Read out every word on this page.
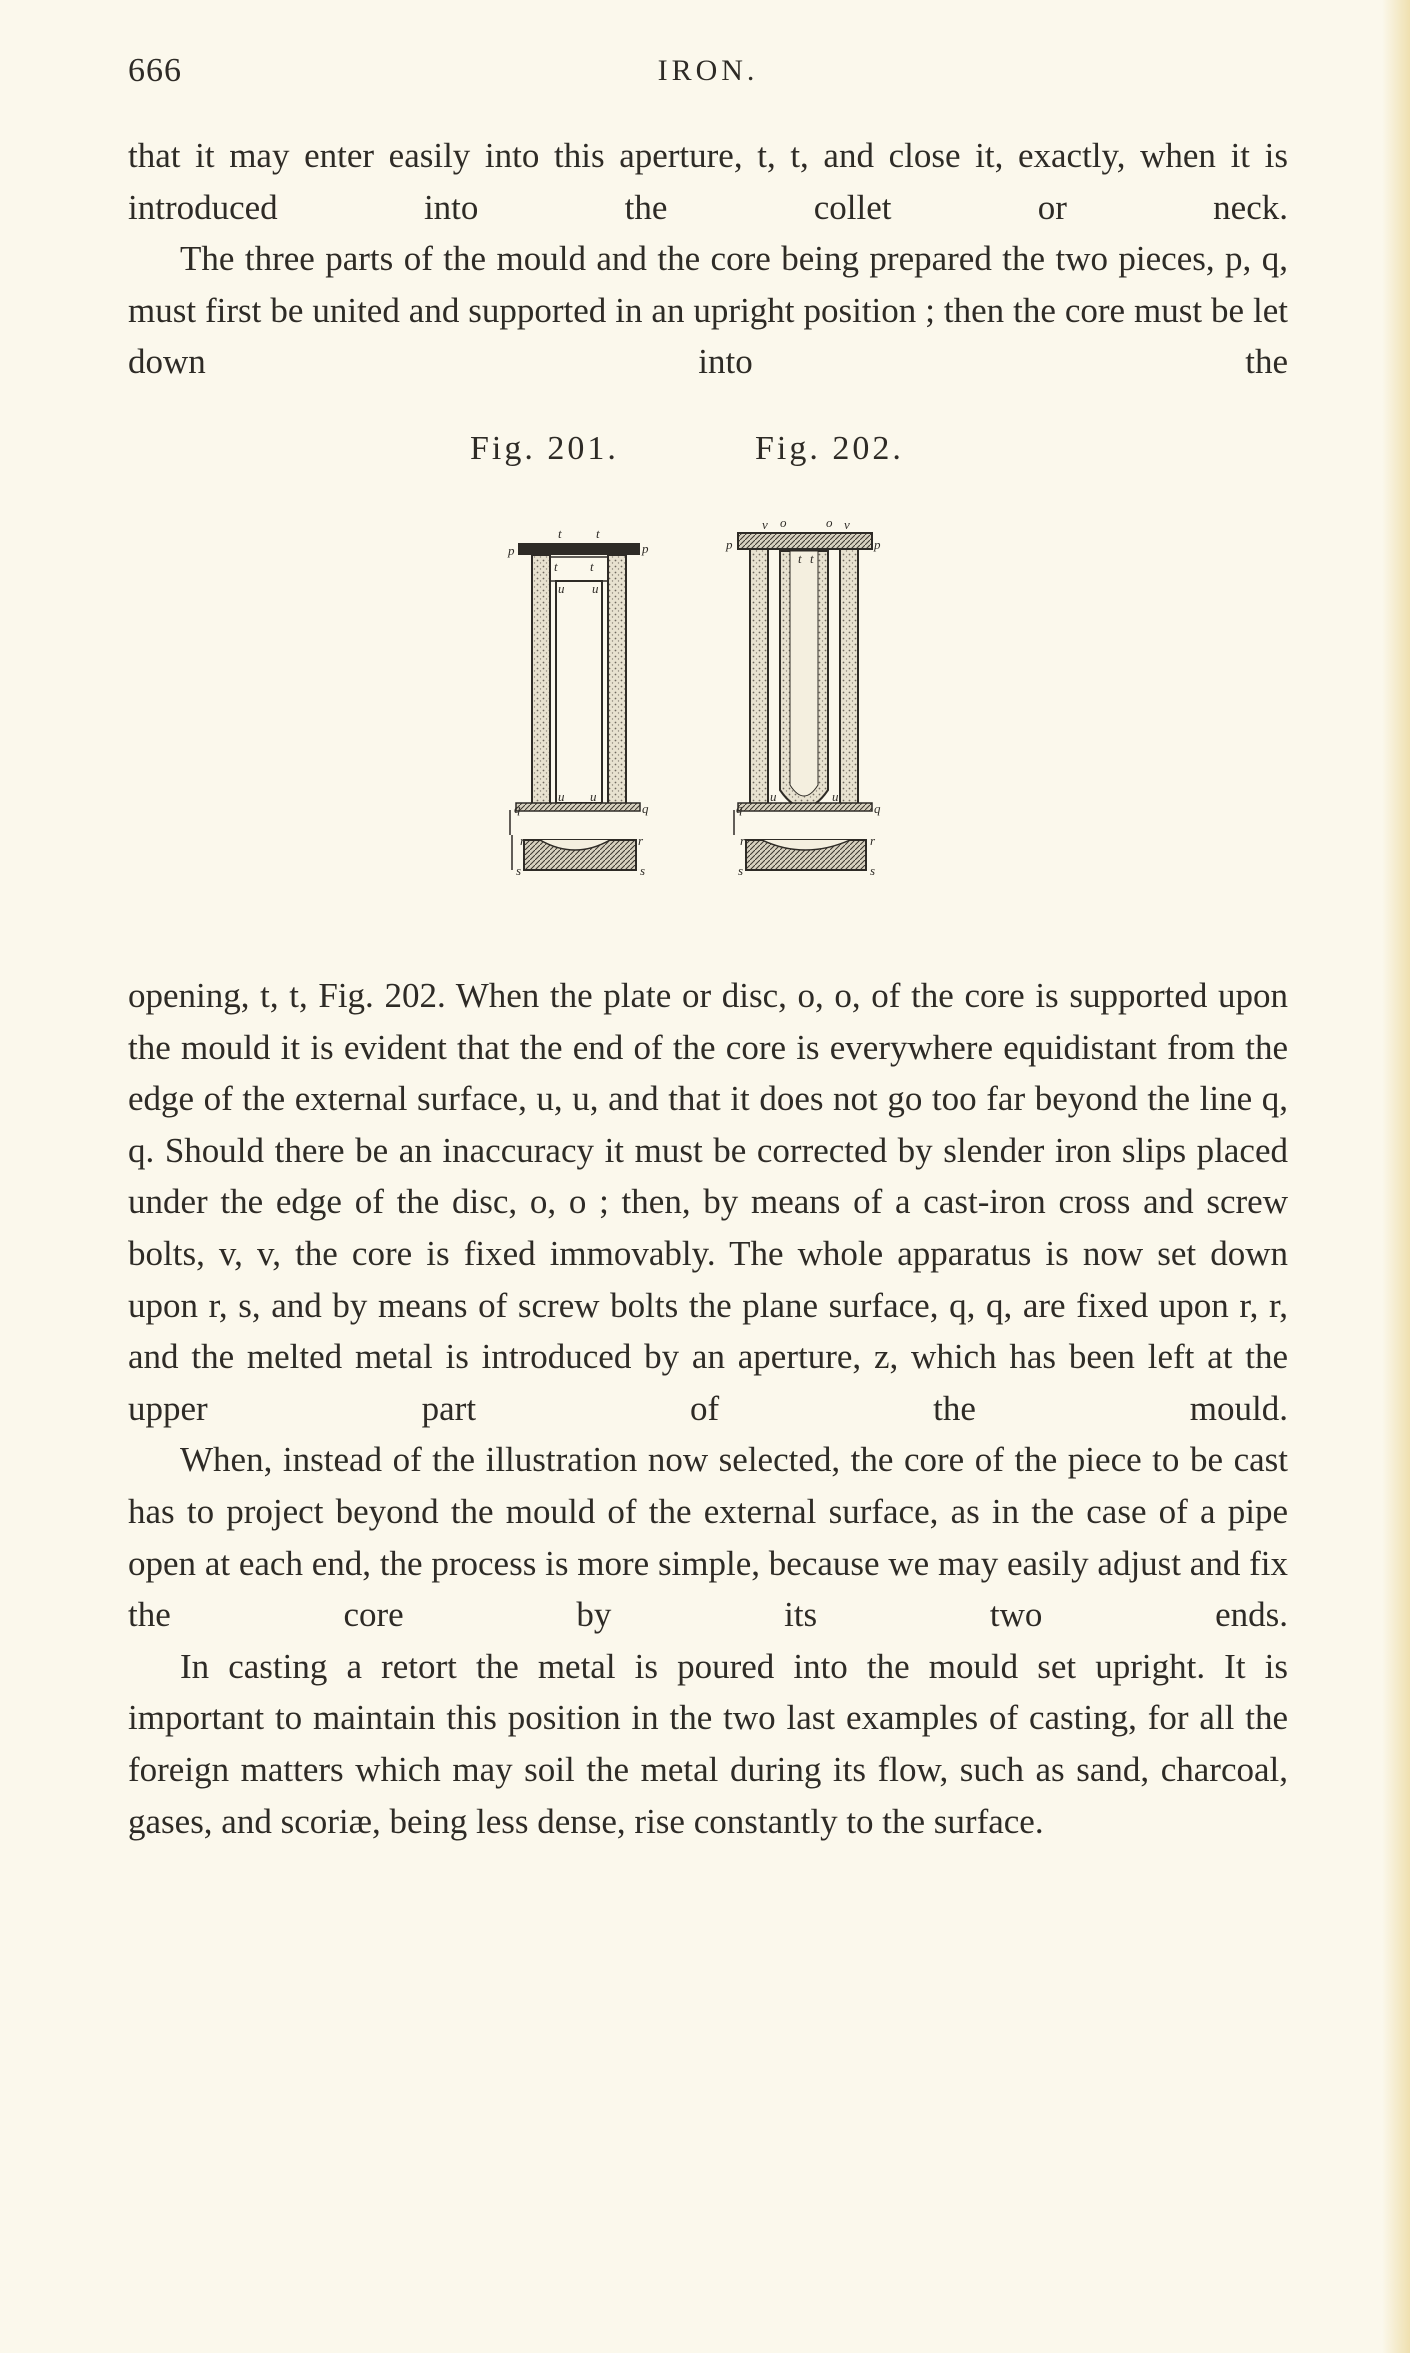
666	IRON.

that it may enter easily into this aperture, t, t, and close it, exactly, when it is introduced into the collet or neck.

The three parts of the mould and the core being prepared the two pieces, p, q, must first be united and supported in an upright position ; then the core must be let down into the

Fig. 201.	Fig. 202.
t	t
p	p
t t
u u
q
u u
q
r	r
s	s
v o	o v
p
t t
p
q
u	u
q
r	r
s	s

opening, t, t, Fig. 202. When the plate or disc, o, o, of the core is supported upon the mould it is evident that the end of the core is everywhere equidistant from the edge of the external surface, u, u, and that it does not go too far beyond the line q, q. Should there be an inaccuracy it must be corrected by slender iron slips placed under the edge of the disc, o, o ; then, by means of a cast-iron cross and screw bolts, v, v, the core is fixed immovably. The whole apparatus is now set down upon r, s, and by means of screw bolts the plane surface, q, q, are fixed upon r, r, and the melted metal is introduced by an aperture, z, which has been left at the upper part of the mould.

When, instead of the illustration now selected, the core of the piece to be cast has to project beyond the mould of the external surface, as in the case of a pipe open at each end, the process is more simple, because we may easily adjust and fix the core by its two ends.

In casting a retort the metal is poured into the mould set upright. It is important to maintain this position in the two last examples of casting, for all the foreign matters which may soil the metal during its flow, such as sand, charcoal, gases, and scoriæ, being less dense, rise constantly to the surface.
